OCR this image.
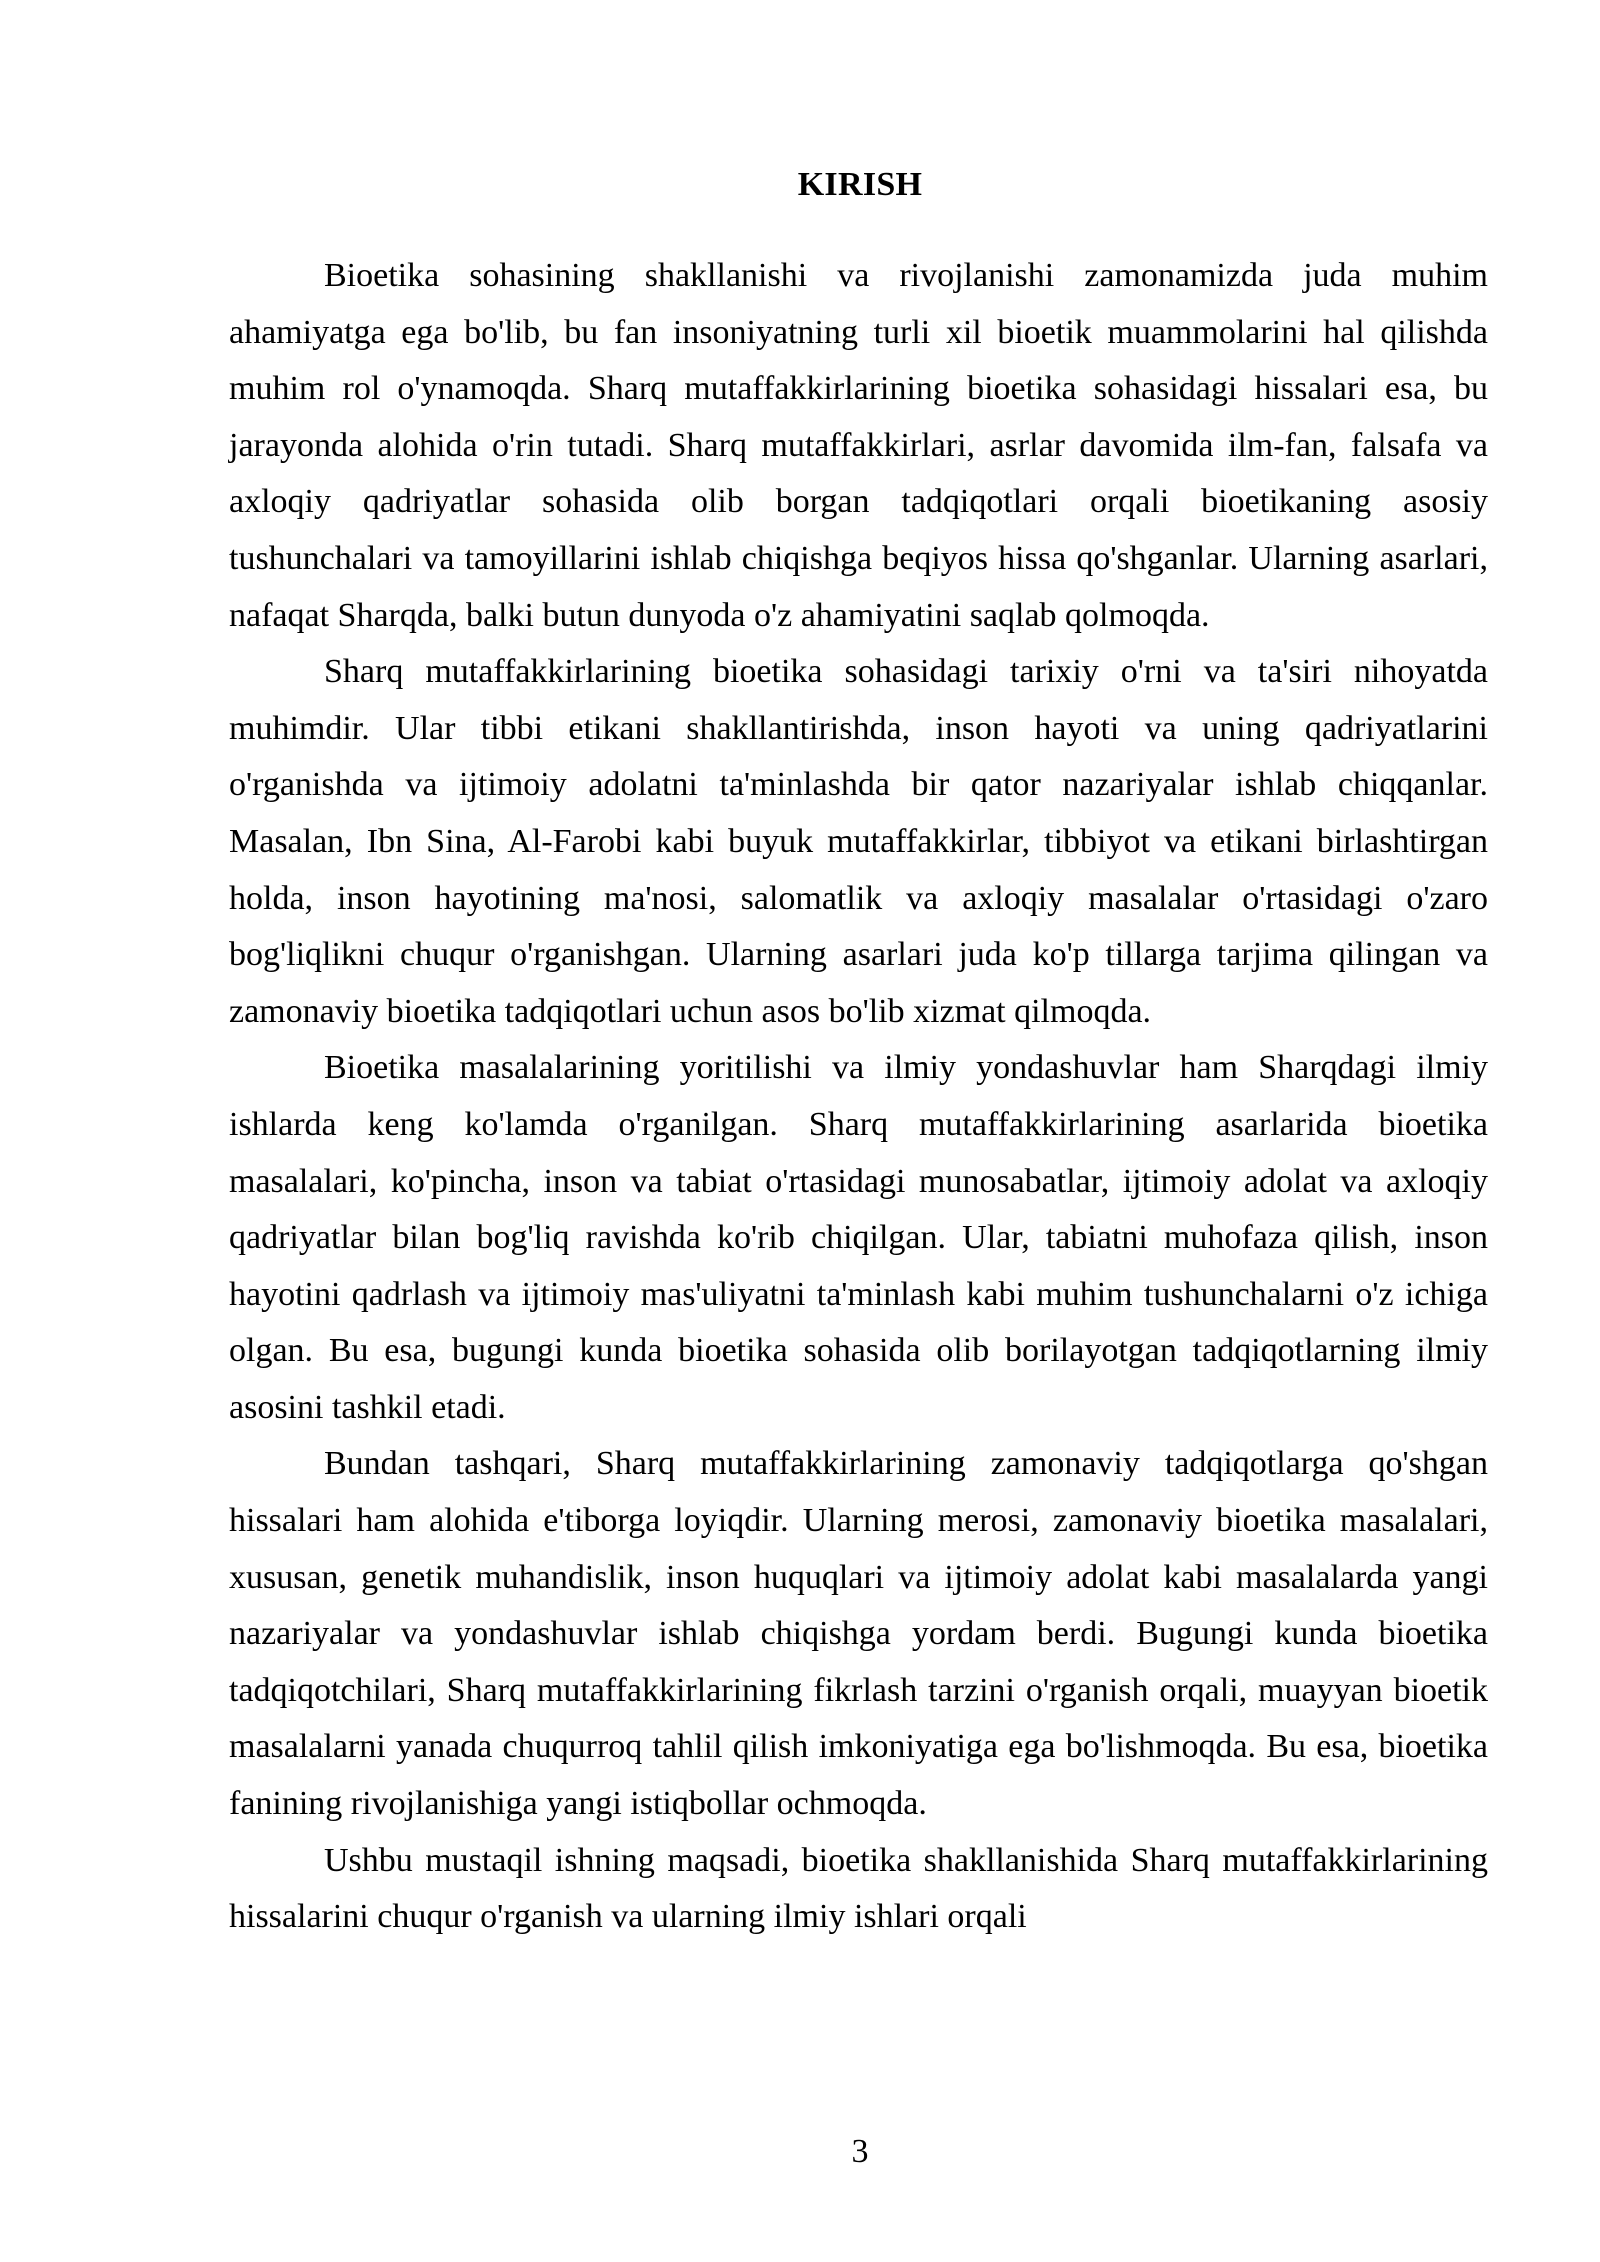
KIRISH

Bioetika sohasining shakllanishi va rivojlanishi zamonamizda juda muhim ahamiyatga ega bo'lib, bu fan insoniyatning turli xil bioetik muammolarini hal qilishda muhim rol o'ynamoqda. Sharq mutaffakkirlarining bioetika sohasidagi hissalari esa, bu jarayonda alohida o'rin tutadi. Sharq mutaffakkirlari, asrlar davomida ilm-fan, falsafa va axloqiy qadriyatlar sohasida olib borgan tadqiqotlari orqali bioetikaning asosiy tushunchalari va tamoyillarini ishlab chiqishga beqiyos hissa qo'shganlar. Ularning asarlari, nafaqat Sharqda, balki butun dunyoda o'z ahamiyatini saqlab qolmoqda.

Sharq mutaffakkirlarining bioetika sohasidagi tarixiy o'rni va ta'siri nihoyatda muhimdir. Ular tibbi etikani shakllantirishda, inson hayoti va uning qadriyatlarini o'rganishda va ijtimoiy adolatni ta'minlashda bir qator nazariyalar ishlab chiqqanlar. Masalan, Ibn Sina, Al-Farobi kabi buyuk mutaffakkirlar, tibbiyot va etikani birlashtirgan holda, inson hayotining ma'nosi, salomatlik va axloqiy masalalar o'rtasidagi o'zaro bog'liqlikni chuqur o'rganishgan. Ularning asarlari juda ko'p tillarga tarjima qilingan va zamonaviy bioetika tadqiqotlari uchun asos bo'lib xizmat qilmoqda.

Bioetika masalalarining yoritilishi va ilmiy yondashuvlar ham Sharqdagi ilmiy ishlarda keng ko'lamda o'rganilgan. Sharq mutaffakkirlarining asarlarida bioetika masalalari, ko'pincha, inson va tabiat o'rtasidagi munosabatlar, ijtimoiy adolat va axloqiy qadriyatlar bilan bog'liq ravishda ko'rib chiqilgan. Ular, tabiatni muhofaza qilish, inson hayotini qadrlash va ijtimoiy mas'uliyatni ta'minlash kabi muhim tushunchalarni o'z ichiga olgan. Bu esa, bugungi kunda bioetika sohasida olib borilayotgan tadqiqotlarning ilmiy asosini tashkil etadi.

Bundan tashqari, Sharq mutaffakkirlarining zamonaviy tadqiqotlarga qo'shgan hissalari ham alohida e'tiborga loyiqdir. Ularning merosi, zamonaviy bioetika masalalari, xususan, genetik muhandislik, inson huquqlari va ijtimoiy adolat kabi masalalarda yangi nazariyalar va yondashuvlar ishlab chiqishga yordam berdi. Bugungi kunda bioetika tadqiqotchilari, Sharq mutaffakkirlarining fikrlash tarzini o'rganish orqali, muayyan bioetik masalalarni yanada chuqurroq tahlil qilish imkoniyatiga ega bo'lishmoqda. Bu esa, bioetika fanining rivojlanishiga yangi istiqbollar ochmoqda.

Ushbu mustaqil ishning maqsadi, bioetika shakllanishida Sharq mutaffakkirlarining hissalarini chuqur o'rganish va ularning ilmiy ishlari orqali

3
